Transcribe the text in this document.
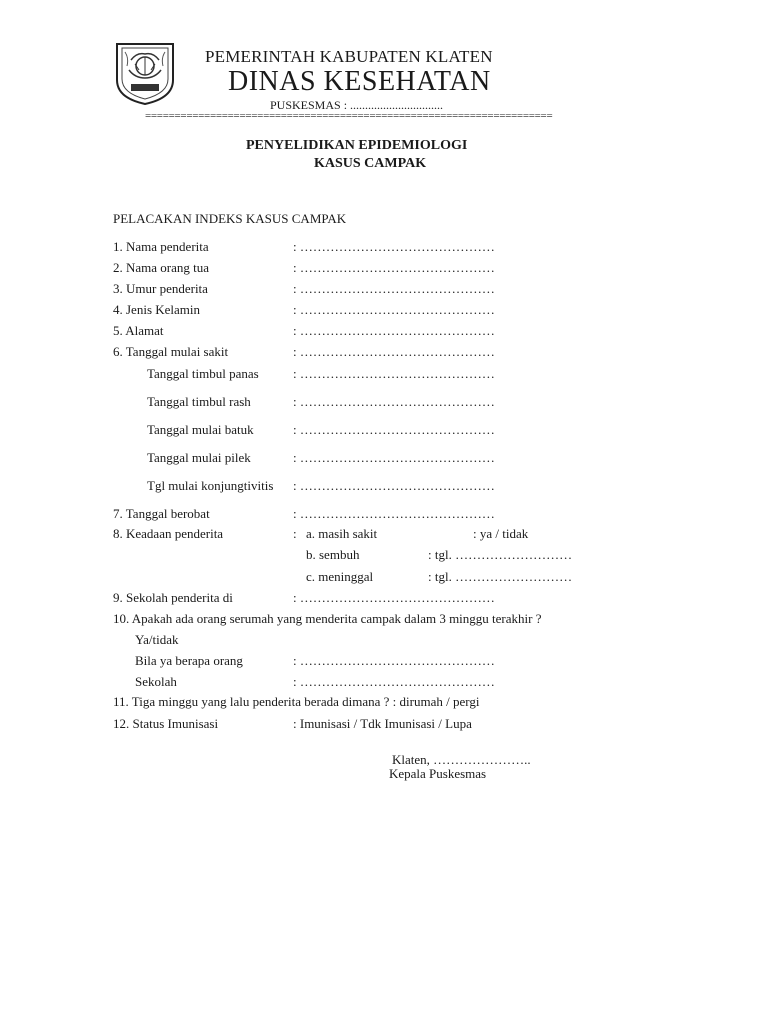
PEMERINTAH KABUPATEN KLATEN
DINAS KESEHATAN
PUSKESMAS : ...............................
=====================================================================
PENYELIDIKAN EPIDEMIOLOGI
KASUS CAMPAK
PELACAKAN INDEKS KASUS CAMPAK
1. Nama penderita	: ………………………………………
2. Nama orang tua	: ………………………………………
3. Umur penderita	: ………………………………………
4. Jenis Kelamin	: ………………………………………
5. Alamat	: ………………………………………
6. Tanggal mulai sakit	: ………………………………………
Tanggal timbul panas	: ………………………………………
Tanggal timbul rash	: ………………………………………
Tanggal mulai batuk	: ………………………………………
Tanggal mulai pilek	: ………………………………………
Tgl mulai konjungtivitis : ………………………………………
7. Tanggal berobat	: ………………………………………
8. Keadaan penderita	: a. masih sakit	: ya / tidak
b. sembuh	: tgl. ………………………
c. meninggal	: tgl. ………………………
9. Sekolah penderita di	: ………………………………………
10. Apakah ada orang serumah yang menderita campak dalam 3 minggu terakhir ?
Ya/tidak
Bila ya berapa orang	: ………………………………………
Sekolah	: ………………………………………
11. Tiga minggu yang lalu penderita berada dimana ? : dirumah / pergi
12. Status Imunisasi	: Imunisasi / Tdk Imunisasi / Lupa
Klaten, …………………..
Kepala Puskesmas
